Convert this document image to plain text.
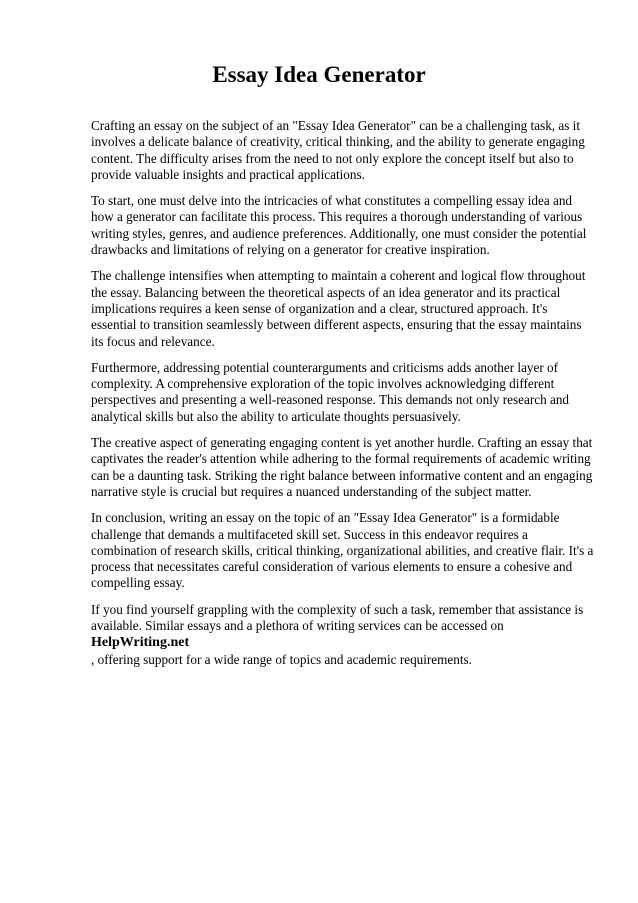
Essay Idea Generator

Crafting an essay on the subject of an "Essay Idea Generator" can be a challenging task, as it involves a delicate balance of creativity, critical thinking, and the ability to generate engaging content. The difficulty arises from the need to not only explore the concept itself but also to provide valuable insights and practical applications.

To start, one must delve into the intricacies of what constitutes a compelling essay idea and how a generator can facilitate this process. This requires a thorough understanding of various writing styles, genres, and audience preferences. Additionally, one must consider the potential drawbacks and limitations of relying on a generator for creative inspiration.

The challenge intensifies when attempting to maintain a coherent and logical flow throughout the essay. Balancing between the theoretical aspects of an idea generator and its practical implications requires a keen sense of organization and a clear, structured approach. It's essential to transition seamlessly between different aspects, ensuring that the essay maintains its focus and relevance.

Furthermore, addressing potential counterarguments and criticisms adds another layer of complexity. A comprehensive exploration of the topic involves acknowledging different perspectives and presenting a well-reasoned response. This demands not only research and analytical skills but also the ability to articulate thoughts persuasively.

The creative aspect of generating engaging content is yet another hurdle. Crafting an essay that captivates the reader's attention while adhering to the formal requirements of academic writing can be a daunting task. Striking the right balance between informative content and an engaging narrative style is crucial but requires a nuanced understanding of the subject matter.

In conclusion, writing an essay on the topic of an "Essay Idea Generator" is a formidable challenge that demands a multifaceted skill set. Success in this endeavor requires a combination of research skills, critical thinking, organizational abilities, and creative flair. It's a process that necessitates careful consideration of various elements to ensure a cohesive and compelling essay.

If you find yourself grappling with the complexity of such a task, remember that assistance is available. Similar essays and a plethora of writing services can be accessed on HelpWriting.net
, offering support for a wide range of topics and academic requirements.
